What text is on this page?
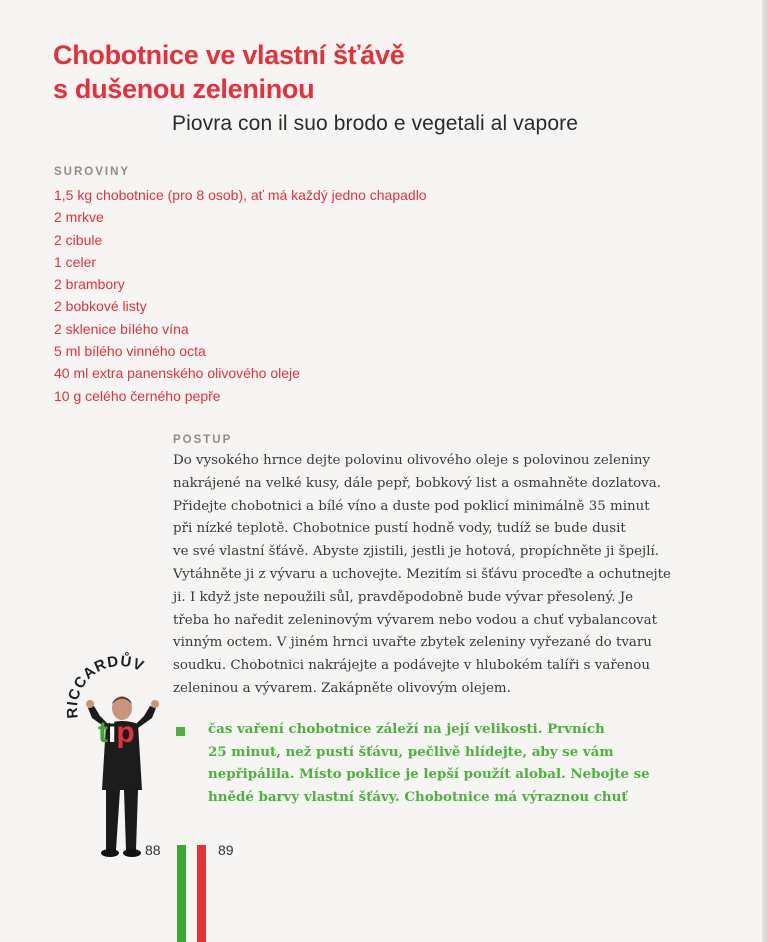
Chobotnice ve vlastní šťávě
s dušenou zeleninou
Piovra con il suo brodo e vegetali al vapore
SUROVINY
1,5 kg chobotnice (pro 8 osob), ať má každý jedno chapadlo
2 mrkve
2 cibule
1 celer
2 brambory
2 bobkové listy
2 sklenice bílého vína
5 ml bílého vinného octa
40 ml extra panenského olivového oleje
10 g celého černého pepře
POSTUP

Do vysokého hrnce dejte polovinu olivového oleje s polovinou zeleniny
nakrájené na velké kusy, dále pepř, bobkový list a osmahněte dozlatova.
Přidejte chobotnici a bílé víno a duste pod poklicí minimálně 35 minut
při nízké teplotě. Chobotnice pustí hodně vody, tudíž se bude dusit
ve své vlastní šťávě. Abyste zjistili, jestli je hotová, propíchněte ji špejlí.
Vytáhněte ji z vývaru a uchovejte. Mezitím si šťávu proceďte a ochutnejte
ji. I když jste nepoužili sůl, pravděpodobně bude vývar přesolený. Je
třeba ho naředit zeleninovým vývarem nebo vodou a chuť vybalancovat
vinným octem. V jiném hrnci uvařte zbytek zeleniny vyřezané do tvaru
soudku. Chobotnici nakrájejte a podávejte v hlubokém talíři s vařenou
zeleninou a vývarem. Zakápněte olivovým olejem.

RICCARDŮV
tip	čas vaření chobotnice záleží na její velikosti. Prvních
25 minut, než pustí šťávu, pečlivě hlídejte, aby se vám
nepřipálila. Místo poklice je lepší použít alobal. Nebojte se
hnědé barvy vlastní šťávy. Chobotnice má výraznou chuť

88	89
